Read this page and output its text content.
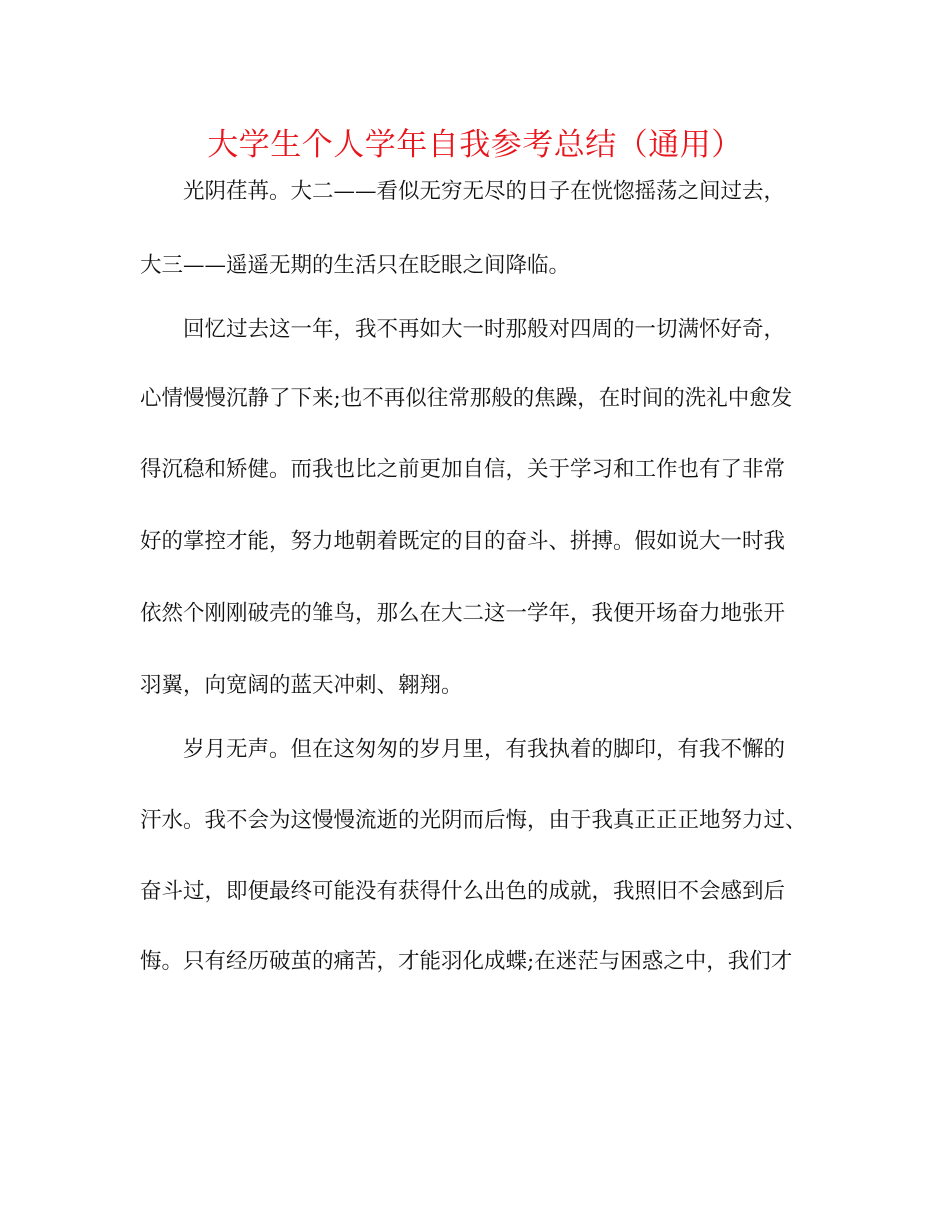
大学生个人学年自我参考总结（通用）
光阴荏苒。大二——看似无穷无尽的日子在恍惚摇荡之间过去，
大三——遥遥无期的生活只在眨眼之间降临。
回忆过去这一年，我不再如大一时那般对四周的一切满怀好奇，
心情慢慢沉静了下来;也不再似往常那般的焦躁，在时间的洗礼中愈发
得沉稳和矫健。而我也比之前更加自信，关于学习和工作也有了非常
好的掌控才能，努力地朝着既定的目的奋斗、拼搏。假如说大一时我
依然个刚刚破壳的雏鸟，那么在大二这一学年，我便开场奋力地张开
羽翼，向宽阔的蓝天冲刺、翱翔。
岁月无声。但在这匆匆的岁月里，有我执着的脚印，有我不懈的
汗水。我不会为这慢慢流逝的光阴而后悔，由于我真正正正地努力过、
奋斗过，即便最终可能没有获得什么出色的成就，我照旧不会感到后
悔。只有经历破茧的痛苦，才能羽化成蝶;在迷茫与困惑之中，我们才
